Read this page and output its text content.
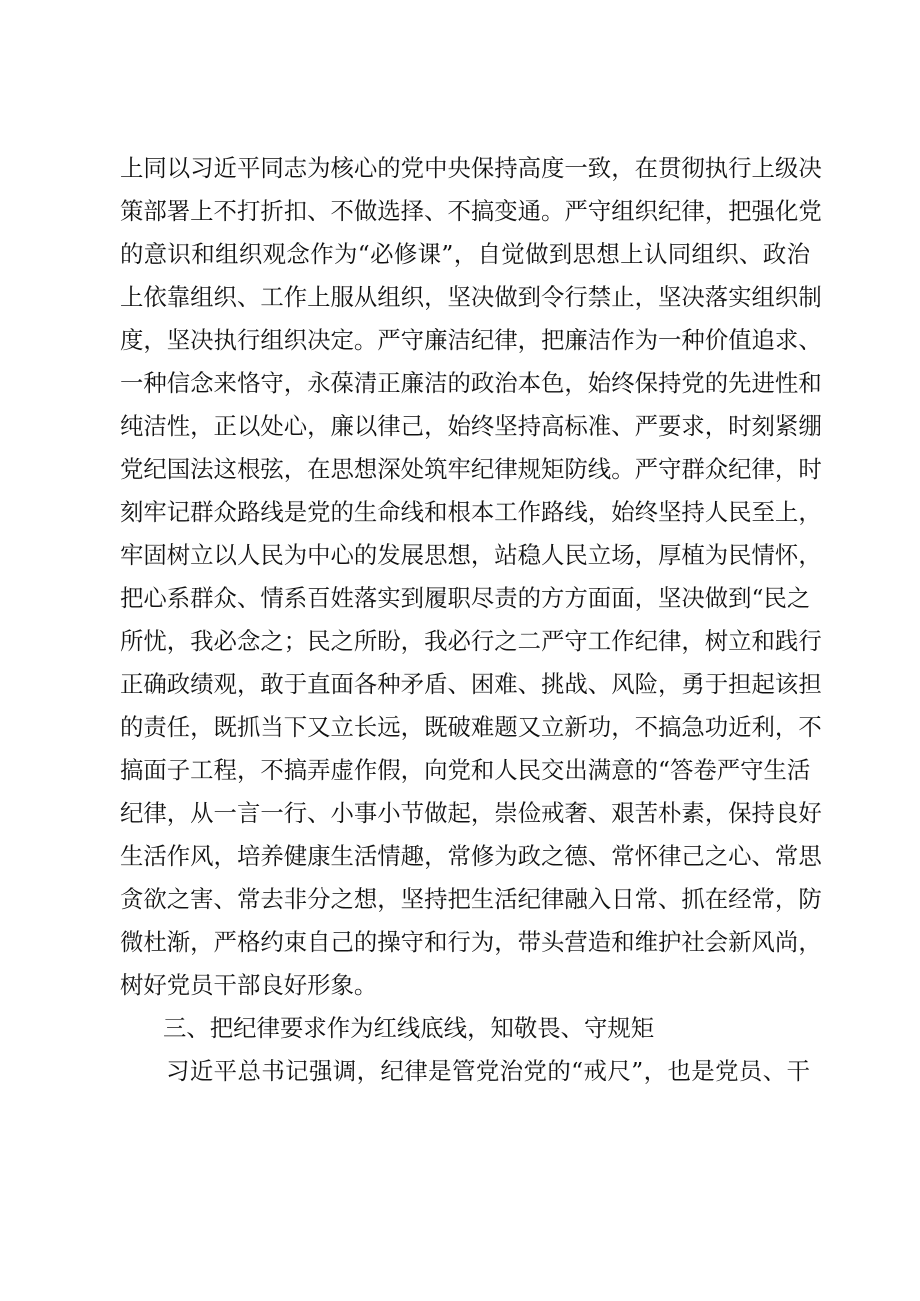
上同以习近平同志为核心的党中央保持高度一致，在贯彻执行上级决
策部署上不打折扣、不做选择、不搞变通。严守组织纪律，把强化党
的意识和组织观念作为“必修课”，自觉做到思想上认同组织、政治
上依靠组织、工作上服从组织，坚决做到令行禁止，坚决落实组织制
度，坚决执行组织决定。严守廉洁纪律，把廉洁作为一种价值追求、
一种信念来恪守，永葆清正廉洁的政治本色，始终保持党的先进性和
纯洁性，正以处心，廉以律己，始终坚持高标准、严要求，时刻紧绷
党纪国法这根弦，在思想深处筑牢纪律规矩防线。严守群众纪律，时
刻牢记群众路线是党的生命线和根本工作路线，始终坚持人民至上，
牢固树立以人民为中心的发展思想，站稳人民立场，厚植为民情怀，
把心系群众、情系百姓落实到履职尽责的方方面面，坚决做到“民之
所忧，我必念之；民之所盼，我必行之二严守工作纪律，树立和践行
正确政绩观，敢于直面各种矛盾、困难、挑战、风险，勇于担起该担
的责任，既抓当下又立长远，既破难题又立新功，不搞急功近利，不
搞面子工程，不搞弄虚作假，向党和人民交出满意的“答卷严守生活
纪律，从一言一行、小事小节做起，崇俭戒奢、艰苦朴素，保持良好
生活作风，培养健康生活情趣，常修为政之德、常怀律己之心、常思
贪欲之害、常去非分之想，坚持把生活纪律融入日常、抓在经常，防
微杜渐，严格约束自己的操守和行为，带头营造和维护社会新风尚，
树好党员干部良好形象。
三、把纪律要求作为红线底线，知敬畏、守规矩
习近平总书记强调，纪律是管党治党的“戒尺”，也是党员、干
